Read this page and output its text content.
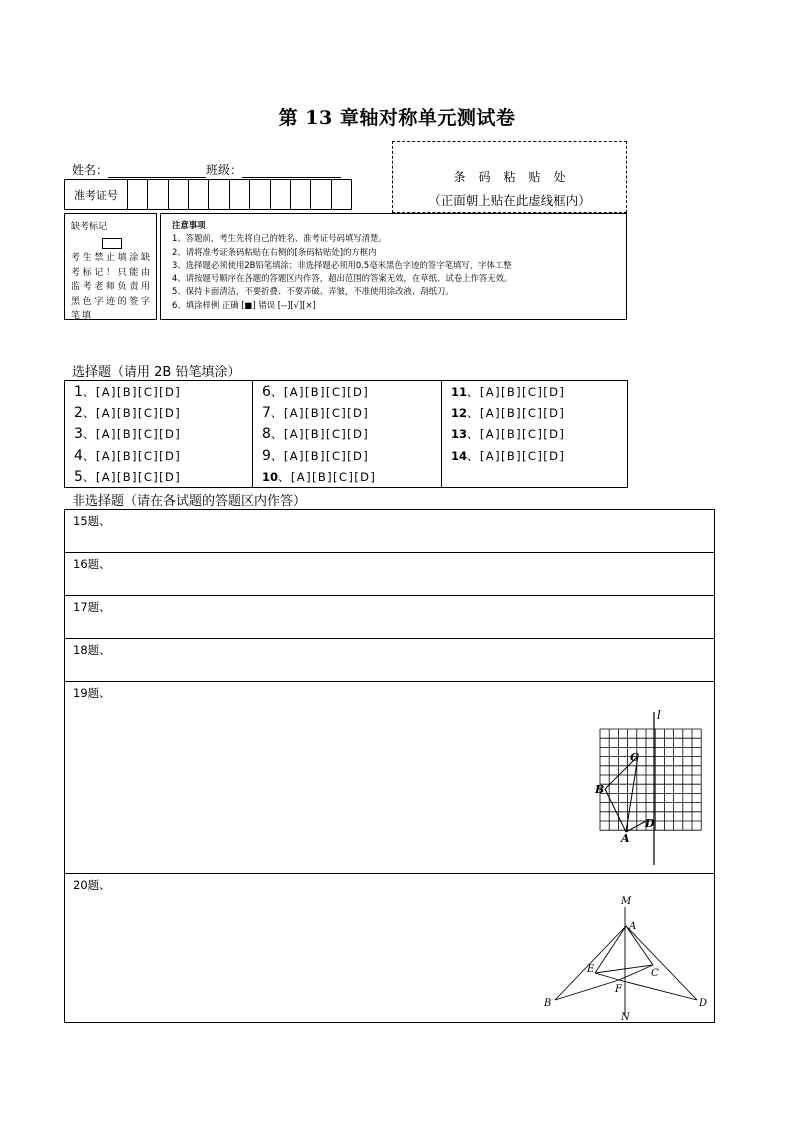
第 13 章轴对称单元测试卷
姓名：	班级：
准考证号
条码粘贴处
（正面朝上贴在此虚线框内）
缺考标记
考生禁止填涂缺考标记！只能由监考老师负责用黑色字迹的签字笔填
注意事项
1、答题前，考生先将自己的姓名、准考证号码填写清楚。
2、请将准考证条码粘贴在右侧的[条码粘贴处]的方框内
3、选择题必须使用2B铅笔填涂；非选择题必须用0.5毫米黑色字迹的签字笔填写，字体工整
4、请按题号顺序在各题的答题区内作答，超出范围的答案无效，在草纸、试卷上作答无效。
5、保持卡面清洁，不要折叠、不要弄破、弄皱，不准使用涂改液、刮纸刀。
6、填涂样例 正确 [■] 错误 [--][√][×]
选择题（请用 2B 铅笔填涂）
1、[A][B][C][D]
2、[A][B][C][D]
3、[A][B][C][D]
4、[A][B][C][D]
5、[A][B][C][D]
6、[A][B][C][D]
7、[A][B][C][D]
8、[A][B][C][D]
9、[A][B][C][D]
10、[A][B][C][D]
11、[A][B][C][D]
12、[A][B][C][D]
13、[A][B][C][D]
14、[A][B][C][D]
非选择题（请在各试题的答题区内作答）
15题、
16题、
17题、
18题、
19题、
l
C
B
D
A
20题、
M
A
E	C
F
B	D
N
